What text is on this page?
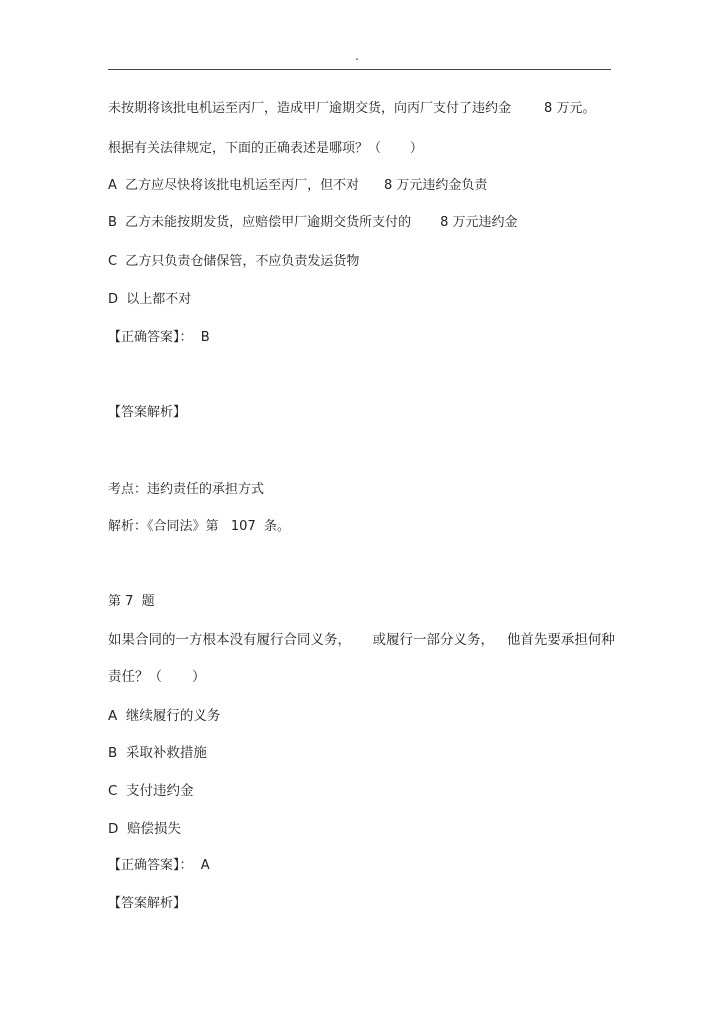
.
未按期将该批电机运至丙厂，造成甲厂逾期交货，向丙厂支付了违约金        8 万元。
根据有关法律规定，下面的正确表述是哪项？（       ）
A  乙方应尽快将该批电机运至丙厂，但不对      8 万元违约金负责
B  乙方未能按期发货，应赔偿甲厂逾期交货所支付的       8 万元违约金
C  乙方只负责仓储保管，不应负责发运货物
D  以上都不对
【正确答案】：  B
【答案解析】
考点：违约责任的承担方式
解析：《合同法》第   107  条。
第 7  题
如果合同的一方根本没有履行合同义务，     或履行一部分义务，   他首先要承担何种
责任？（       ）
A  继续履行的义务
B  采取补救措施
C  支付违约金
D  赔偿损失
【正确答案】：  A
【答案解析】
